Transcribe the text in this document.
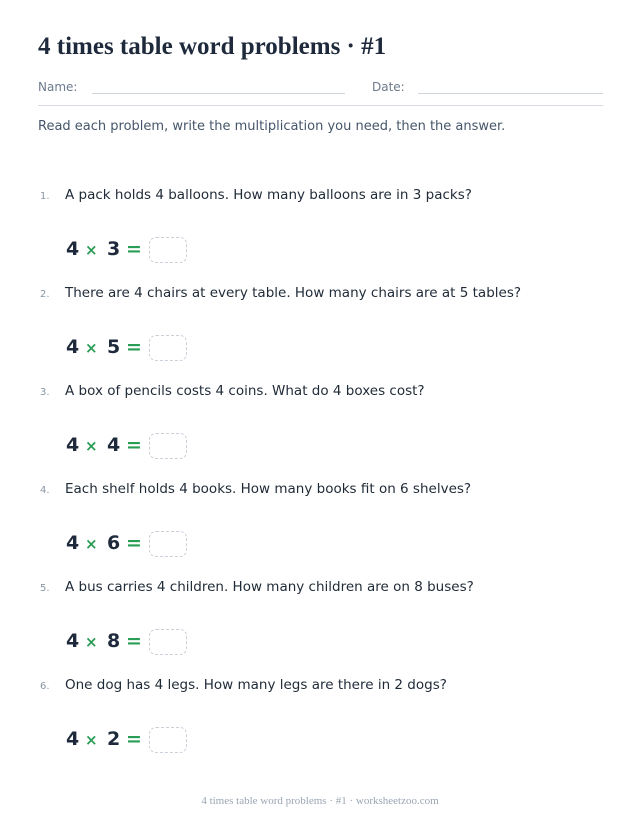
4 times table word problems · #1
Name:	Date:
Read each problem, write the multiplication you need, then the answer.
1. A pack holds 4 balloons. How many balloons are in 3 packs?
4 × 3 =
2. There are 4 chairs at every table. How many chairs are at 5 tables?
4 × 5 =
3. A box of pencils costs 4 coins. What do 4 boxes cost?
4 × 4 =
4. Each shelf holds 4 books. How many books fit on 6 shelves?
4 × 6 =
5. A bus carries 4 children. How many children are on 8 buses?
4 × 8 =
6. One dog has 4 legs. How many legs are there in 2 dogs?
4 × 2 =
4 times table word problems · #1 · worksheetzoo.com
